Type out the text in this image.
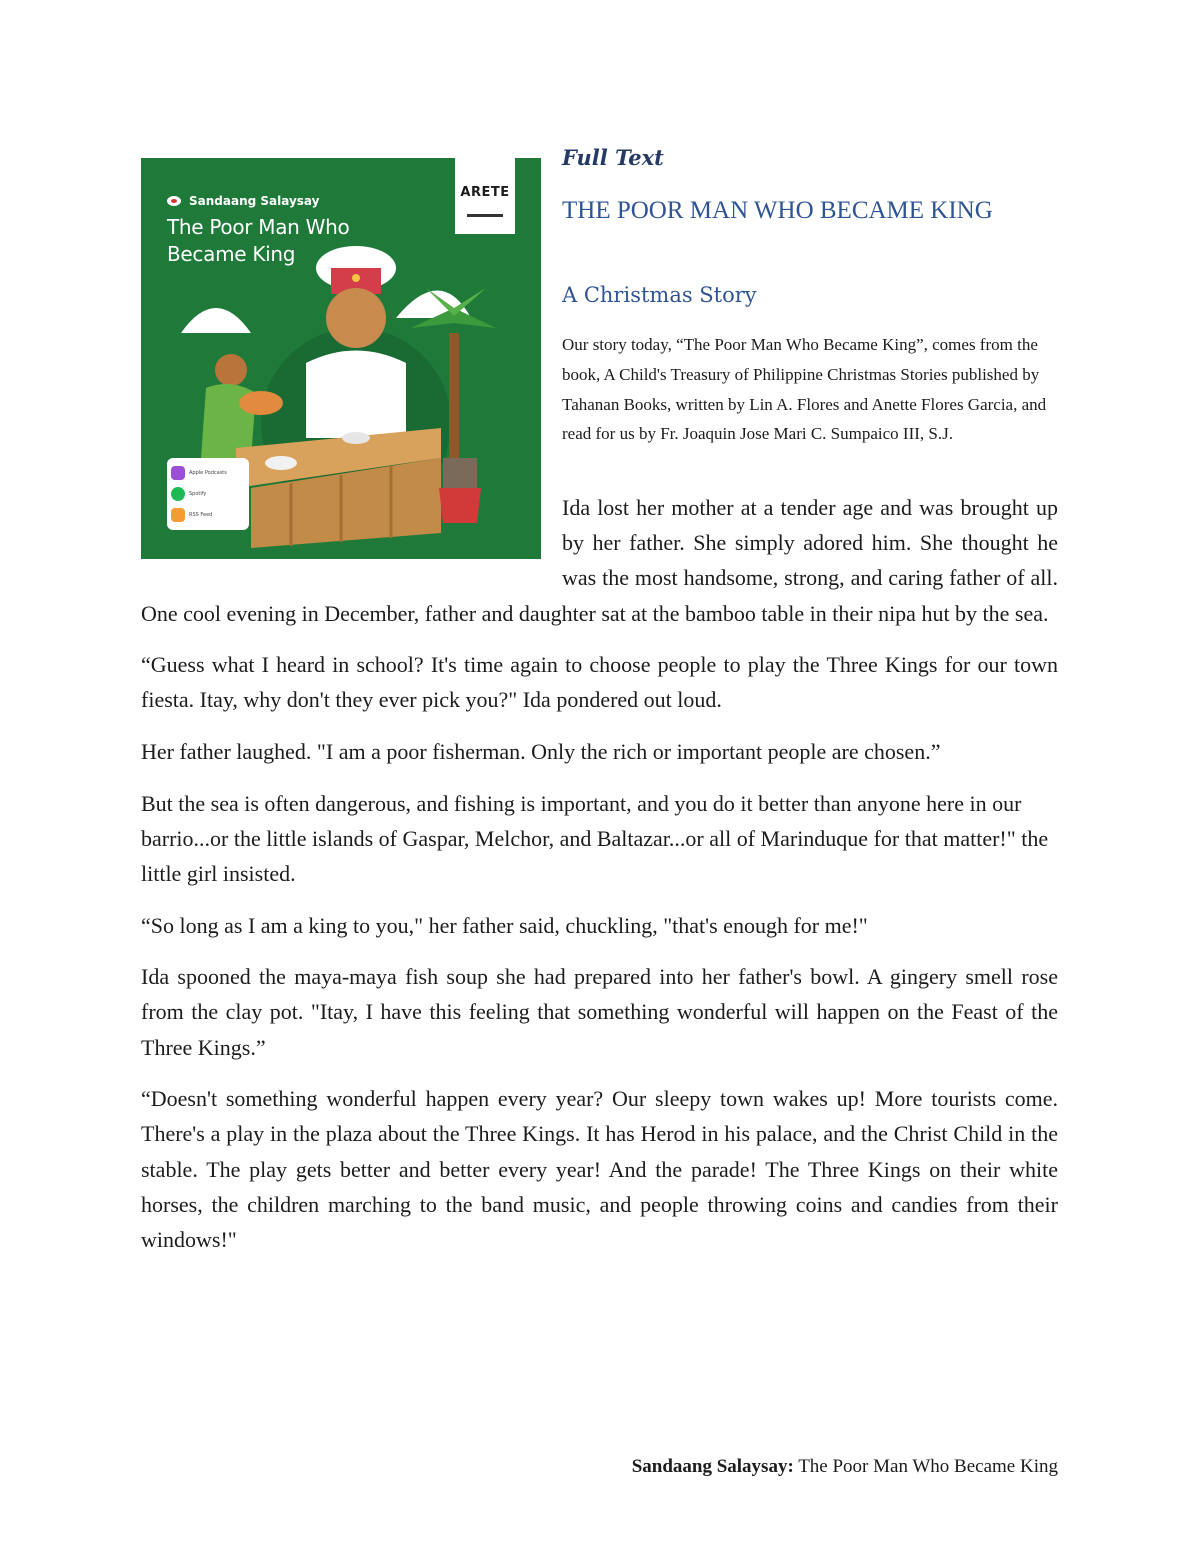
Sandaang Salaysay
The Poor Man Who Became King
ARETE
Apple Podcasts
Spotify
RSS Feed
Full Text
THE POOR MAN WHO BECAME KING
A Christmas Story

Our story today, “The Poor Man Who Became King”, comes from the book, A Child's Treasury of Philippine Christmas Stories published by Tahanan Books, written by Lin A. Flores and Anette Flores Garcia, and read for us by Fr. Joaquin Jose Mari C. Sumpaico III, S.J.

Ida lost her mother at a tender age and was brought up by her father. She simply adored him. She thought he was the most handsome, strong, and caring father of all. One cool evening in December, father and daughter sat at the bamboo table in their nipa hut by the sea.

“Guess what I heard in school? It's time again to choose people to play the Three Kings for our town fiesta. Itay, why don't they ever pick you?" Ida pondered out loud.

Her father laughed. "I am a poor fisherman. Only the rich or important people are chosen.”

But the sea is often dangerous, and fishing is important, and you do it better than anyone here in our barrio...or the little islands of Gaspar, Melchor, and Baltazar...or all of Marinduque for that matter!" the little girl insisted.

“So long as I am a king to you," her father said, chuckling, "that's enough for me!"

Ida spooned the maya-maya fish soup she had prepared into her father's bowl. A gingery smell rose from the clay pot. "Itay, I have this feeling that something wonderful will happen on the Feast of the Three Kings.”

“Doesn't something wonderful happen every year? Our sleepy town wakes up! More tourists come. There's a play in the plaza about the Three Kings. It has Herod in his palace, and the Christ Child in the stable. The play gets better and better every year! And the parade! The Three Kings on their white horses, the children marching to the band music, and people throwing coins and candies from their windows!"

Sandaang Salaysay: The Poor Man Who Became King
